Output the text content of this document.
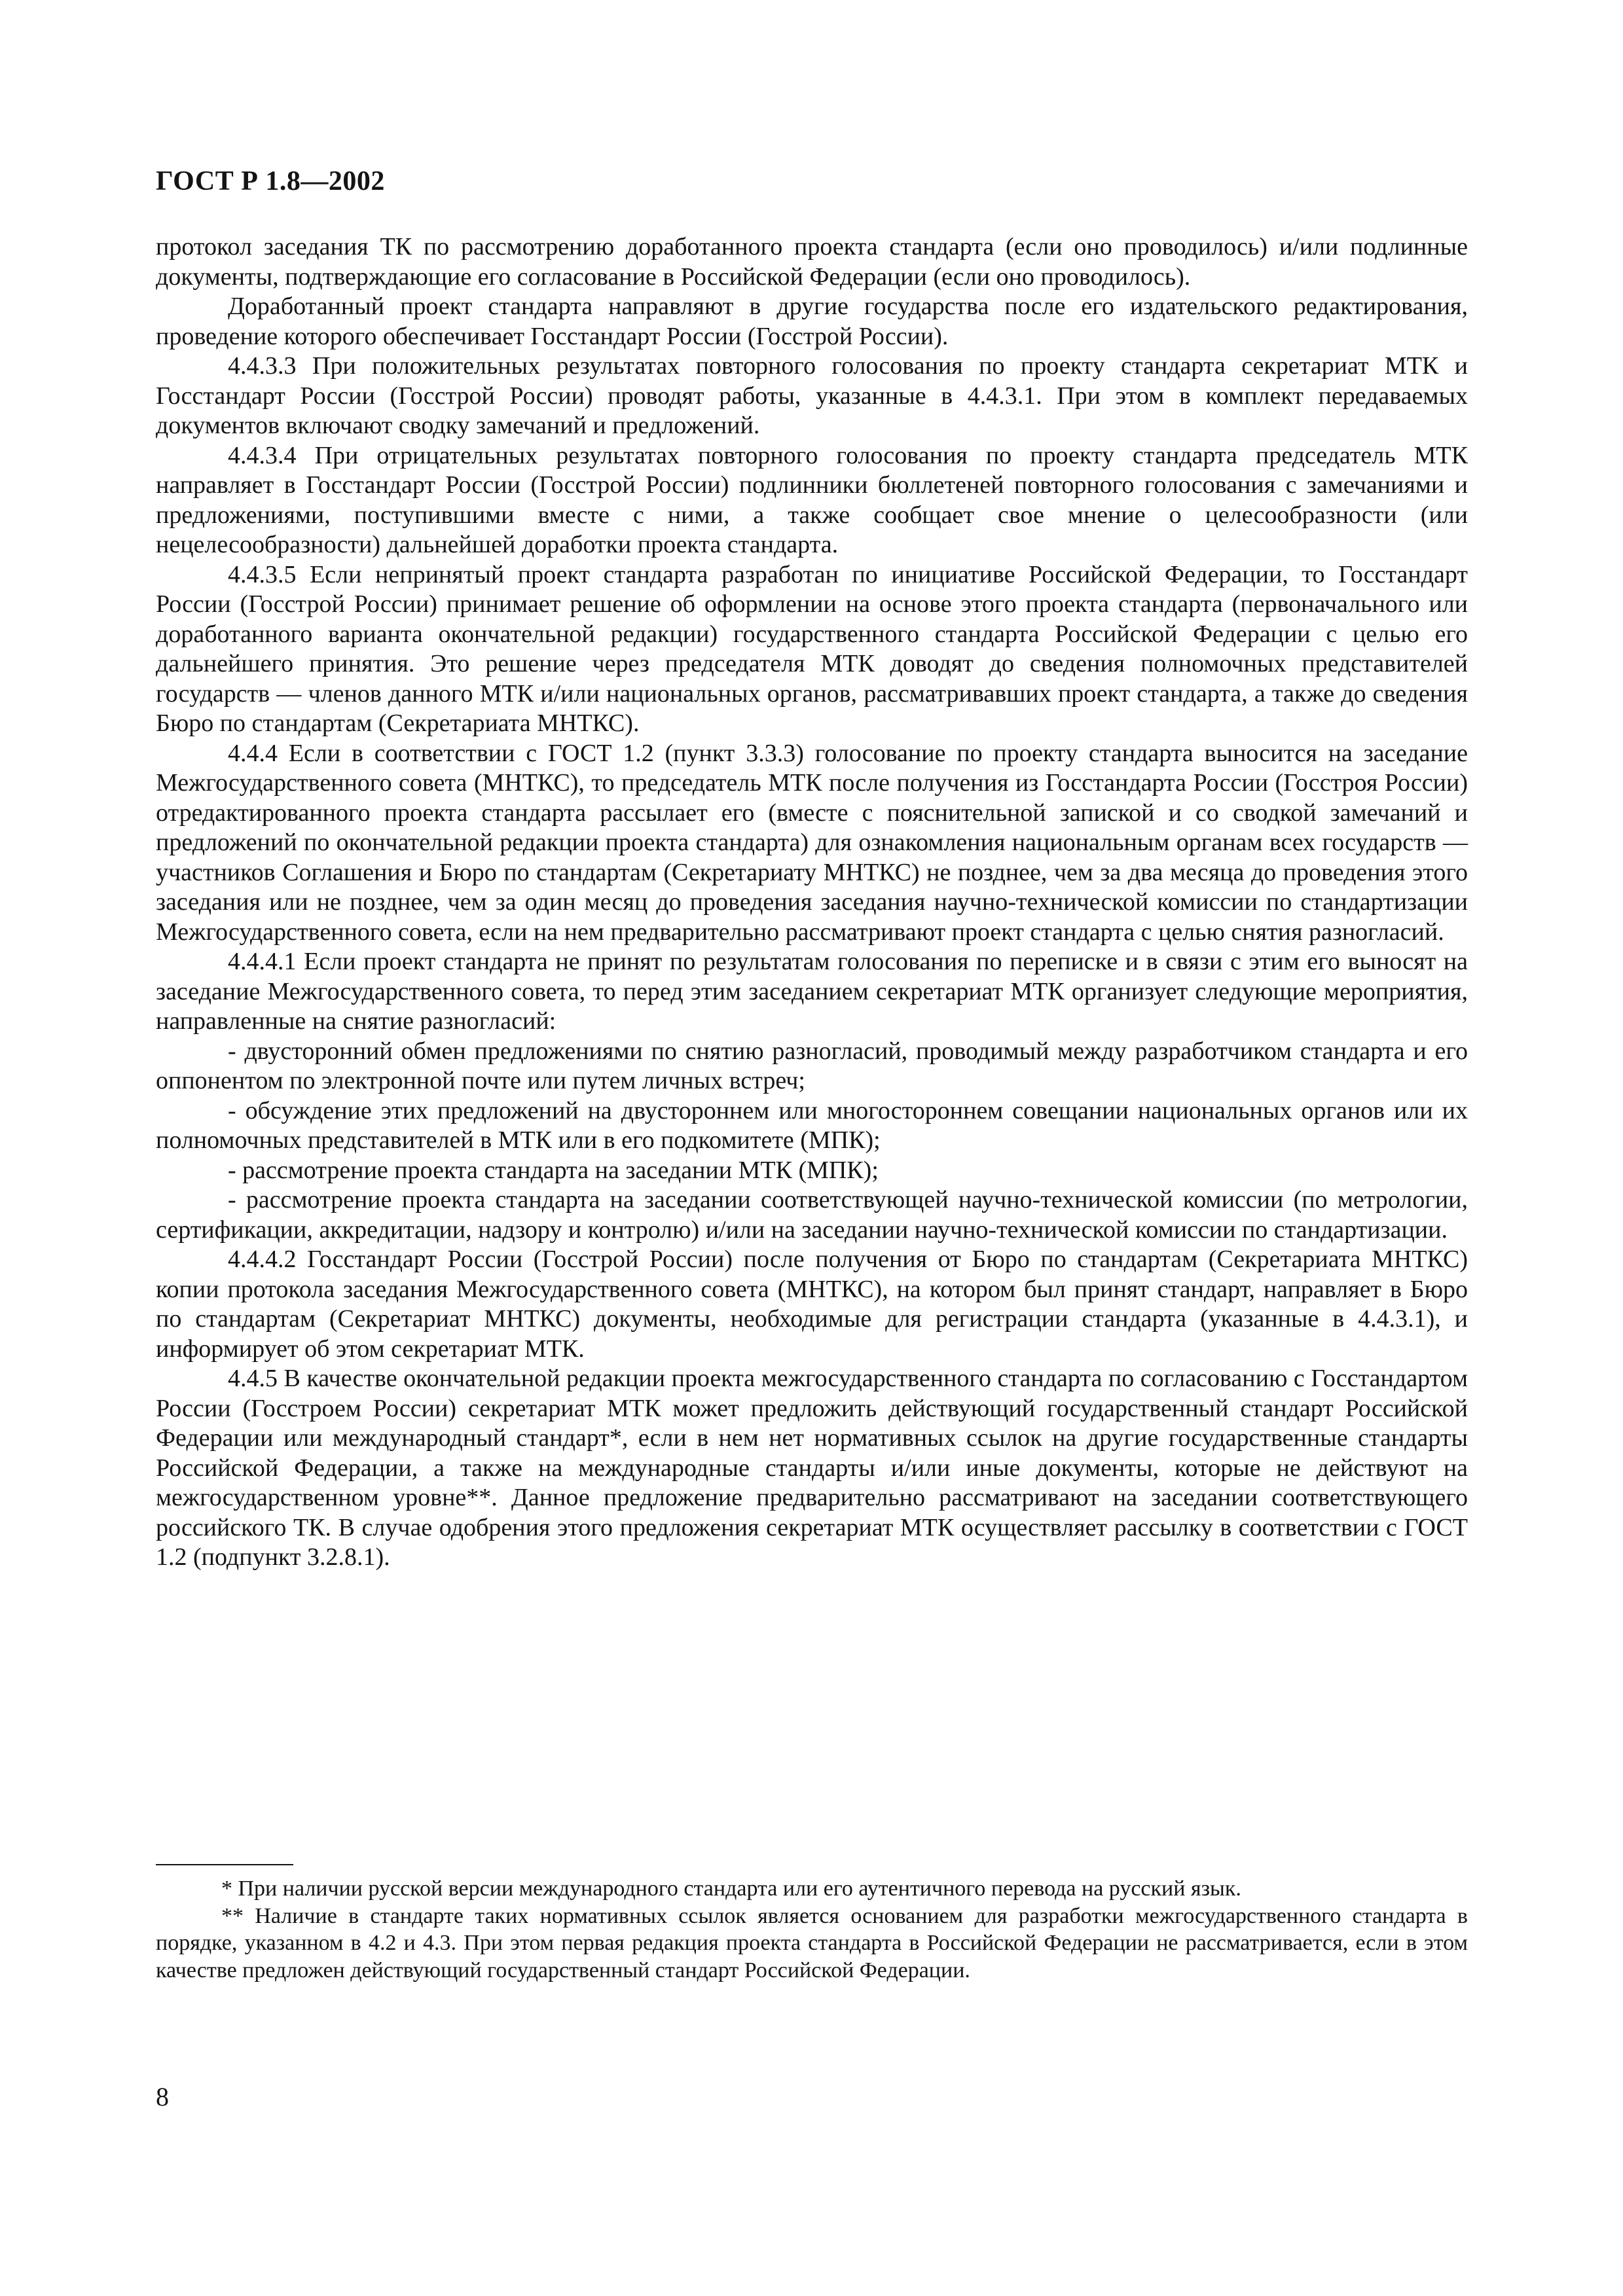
ГОСТ Р 1.8—2002

протокол заседания ТК по рассмотрению доработанного проекта стандарта (если оно проводилось) и/или подлинные документы, подтверждающие его согласование в Российской Федерации (если оно проводилось).

Доработанный проект стандарта направляют в другие государства после его издательского редактирования, проведение которого обеспечивает Госстандарт России (Госстрой России).

4.4.3.3 При положительных результатах повторного голосования по проекту стандарта секретариат МТК и Госстандарт России (Госстрой России) проводят работы, указанные в 4.4.3.1. При этом в комплект передаваемых документов включают сводку замечаний и предложений.

4.4.3.4 При отрицательных результатах повторного голосования по проекту стандарта председатель МТК направляет в Госстандарт России (Госстрой России) подлинники бюллетеней повторного голосования с замечаниями и предложениями, поступившими вместе с ними, а также сообщает свое мнение о целесообразности (или нецелесообразности) дальнейшей доработки проекта стандарта.

4.4.3.5 Если непринятый проект стандарта разработан по инициативе Российской Федерации, то Госстандарт России (Госстрой России) принимает решение об оформлении на основе этого проекта стандарта (первоначального или доработанного варианта окончательной редакции) государственного стандарта Российской Федерации с целью его дальнейшего принятия. Это решение через председателя МТК доводят до сведения полномочных представителей государств — членов данного МТК и/или национальных органов, рассматривавших проект стандарта, а также до сведения Бюро по стандартам (Секретариата МНТКС).

4.4.4 Если в соответствии с ГОСТ 1.2 (пункт 3.3.3) голосование по проекту стандарта выносится на заседание Межгосударственного совета (МНТКС), то председатель МТК после получения из Госстандарта России (Госстроя России) отредактированного проекта стандарта рассылает его (вместе с пояснительной запиской и со сводкой замечаний и предложений по окончательной редакции проекта стандарта) для ознакомления национальным органам всех государств — участников Соглашения и Бюро по стандартам (Секретариату МНТКС) не позднее, чем за два месяца до проведения этого заседания или не позднее, чем за один месяц до проведения заседания научно-технической комиссии по стандартизации Межгосударственного совета, если на нем предварительно рассматривают проект стандарта с целью снятия разногласий.

4.4.4.1 Если проект стандарта не принят по результатам голосования по переписке и в связи с этим его выносят на заседание Межгосударственного совета, то перед этим заседанием секретариат МТК организует следующие мероприятия, направленные на снятие разногласий:

- двусторонний обмен предложениями по снятию разногласий, проводимый между разработчиком стандарта и его оппонентом по электронной почте или путем личных встреч;

- обсуждение этих предложений на двустороннем или многостороннем совещании национальных органов или их полномочных представителей в МТК или в его подкомитете (МПК);

- рассмотрение проекта стандарта на заседании МТК (МПК);

- рассмотрение проекта стандарта на заседании соответствующей научно-технической комиссии (по метрологии, сертификации, аккредитации, надзору и контролю) и/или на заседании научно-технической комиссии по стандартизации.

4.4.4.2 Госстандарт России (Госстрой России) после получения от Бюро по стандартам (Секретариата МНТКС) копии протокола заседания Межгосударственного совета (МНТКС), на котором был принят стандарт, направляет в Бюро по стандартам (Секретариат МНТКС) документы, необходимые для регистрации стандарта (указанные в 4.4.3.1), и информирует об этом секретариат МТК.

4.4.5 В качестве окончательной редакции проекта межгосударственного стандарта по согласованию с Госстандартом России (Госстроем России) секретариат МТК может предложить действующий государственный стандарт Российской Федерации или международный стандарт*, если в нем нет нормативных ссылок на другие государственные стандарты Российской Федерации, а также на международные стандарты и/или иные документы, которые не действуют на межгосударственном уровне**. Данное предложение предварительно рассматривают на заседании соответствующего российского ТК. В случае одобрения этого предложения секретариат МТК осуществляет рассылку в соответствии с ГОСТ 1.2 (подпункт 3.2.8.1).

* При наличии русской версии международного стандарта или его аутентичного перевода на русский язык.

** Наличие в стандарте таких нормативных ссылок является основанием для разработки межгосударственного стандарта в порядке, указанном в 4.2 и 4.3. При этом первая редакция проекта стандарта в Российской Федерации не рассматривается, если в этом качестве предложен действующий государственный стандарт Российской Федерации.

8
